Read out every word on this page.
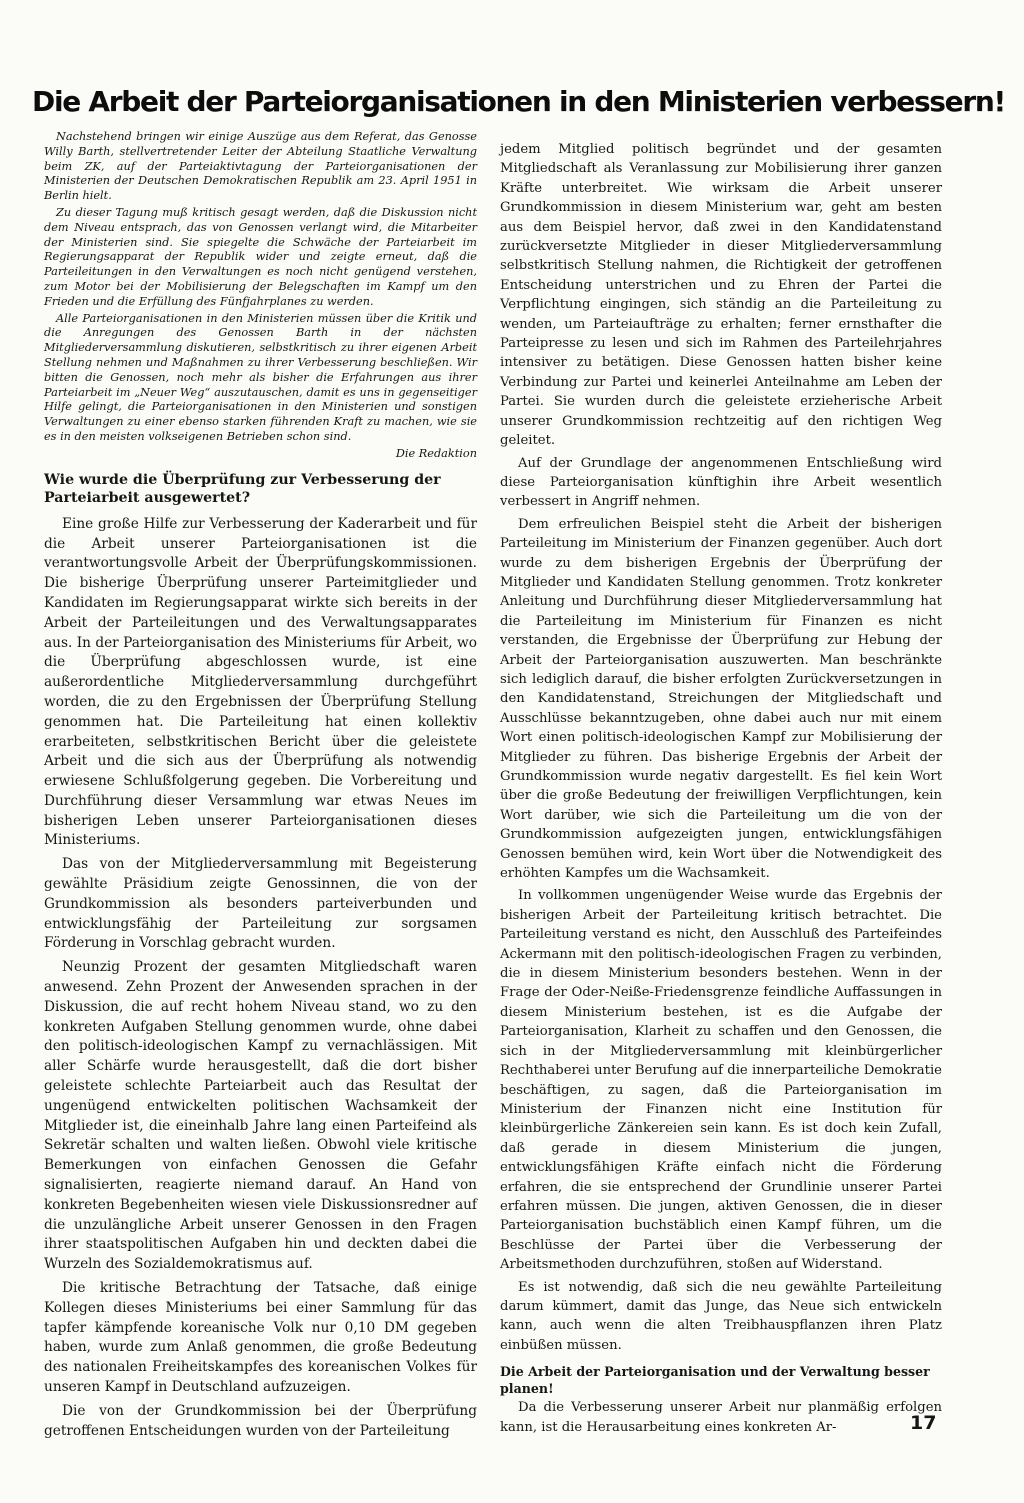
Die Arbeit der Parteiorganisationen in den Ministerien verbessern!

Nachstehend bringen wir einige Auszüge aus dem Referat, das Genosse Willy Barth, stellvertretender Leiter der Abteilung Staatliche Verwaltung beim ZK, auf der Parteiaktivtagung der Parteiorganisationen der Ministerien der Deutschen Demokratischen Republik am 23. April 1951 in Berlin hielt.

Zu dieser Tagung muß kritisch gesagt werden, daß die Diskussion nicht dem Niveau entsprach, das von Genossen verlangt wird, die Mitarbeiter der Ministerien sind. Sie spiegelte die Schwäche der Parteiarbeit im Regierungsapparat der Republik wider und zeigte erneut, daß die Parteileitungen in den Verwaltungen es noch nicht genügend verstehen, zum Motor bei der Mobilisierung der Belegschaften im Kampf um den Frieden und die Erfüllung des Fünfjahrplanes zu werden.

Alle Parteiorganisationen in den Ministerien müssen über die Kritik und die Anregungen des Genossen Barth in der nächsten Mitgliederversammlung diskutieren, selbstkritisch zu ihrer eigenen Arbeit Stellung nehmen und Maßnahmen zu ihrer Verbesserung beschließen. Wir bitten die Genossen, noch mehr als bisher die Erfahrungen aus ihrer Parteiarbeit im „Neuer Weg“ auszutauschen, damit es uns in gegenseitiger Hilfe gelingt, die Parteiorganisationen in den Ministerien und sonstigen Verwaltungen zu einer ebenso starken führenden Kraft zu machen, wie sie es in den meisten volkseigenen Betrieben schon sind.

Die Redaktion
Wie wurde die Überprüfung zur Verbesserung der Parteiarbeit ausgewertet?

Eine große Hilfe zur Verbesserung der Kaderarbeit und für die Arbeit unserer Parteiorganisationen ist die verantwortungsvolle Arbeit der Überprüfungskommissionen. Die bisherige Überprüfung unserer Parteimitglieder und Kandidaten im Regierungsapparat wirkte sich bereits in der Arbeit der Parteileitungen und des Verwaltungsapparates aus. In der Parteiorganisation des Ministeriums für Arbeit, wo die Überprüfung abgeschlossen wurde, ist eine außerordentliche Mitgliederversammlung durchgeführt worden, die zu den Ergebnissen der Überprüfung Stellung genommen hat. Die Parteileitung hat einen kollektiv erarbeiteten, selbstkritischen Bericht über die geleistete Arbeit und die sich aus der Überprüfung als notwendig erwiesene Schlußfolgerung gegeben. Die Vorbereitung und Durchführung dieser Versammlung war etwas Neues im bisherigen Leben unserer Parteiorganisationen dieses Ministeriums.

Das von der Mitgliederversammlung mit Begeisterung gewählte Präsidium zeigte Genossinnen, die von der Grundkommission als besonders parteiverbunden und entwicklungsfähig der Parteileitung zur sorgsamen Förderung in Vorschlag gebracht wurden.

Neunzig Prozent der gesamten Mitgliedschaft waren anwesend. Zehn Prozent der Anwesenden sprachen in der Diskussion, die auf recht hohem Niveau stand, wo zu den konkreten Aufgaben Stellung genommen wurde, ohne dabei den politisch-ideologischen Kampf zu vernachlässigen. Mit aller Schärfe wurde herausgestellt, daß die dort bisher geleistete schlechte Parteiarbeit auch das Resultat der ungenügend entwickelten politischen Wachsamkeit der Mitglieder ist, die eineinhalb Jahre lang einen Parteifeind als Sekretär schalten und walten ließen. Obwohl viele kritische Bemerkungen von einfachen Genossen die Gefahr signalisierten, reagierte niemand darauf. An Hand von konkreten Begebenheiten wiesen viele Diskussionsredner auf die unzulängliche Arbeit unserer Genossen in den Fragen ihrer staatspolitischen Aufgaben hin und deckten dabei die Wurzeln des Sozialdemokratismus auf.

Die kritische Betrachtung der Tatsache, daß einige Kollegen dieses Ministeriums bei einer Sammlung für das tapfer kämpfende koreanische Volk nur 0,10 DM gegeben haben, wurde zum Anlaß genommen, die große Bedeutung des nationalen Freiheitskampfes des koreanischen Volkes für unseren Kampf in Deutschland aufzuzeigen.

Die von der Grundkommission bei der Überprüfung getroffenen Entscheidungen wurden von der Parteileitung

jedem Mitglied politisch begründet und der gesamten Mitgliedschaft als Veranlassung zur Mobilisierung ihrer ganzen Kräfte unterbreitet. Wie wirksam die Arbeit unserer Grundkommission in diesem Ministerium war, geht am besten aus dem Beispiel hervor, daß zwei in den Kandidatenstand zurückversetzte Mitglieder in dieser Mitgliederversammlung selbstkritisch Stellung nahmen, die Richtigkeit der getroffenen Entscheidung unterstrichen und zu Ehren der Partei die Verpflichtung eingingen, sich ständig an die Parteileitung zu wenden, um Parteiaufträge zu erhalten; ferner ernsthafter die Parteipresse zu lesen und sich im Rahmen des Parteilehrjahres intensiver zu betätigen. Diese Genossen hatten bisher keine Verbindung zur Partei und keinerlei Anteilnahme am Leben der Partei. Sie wurden durch die geleistete erzieherische Arbeit unserer Grundkommission rechtzeitig auf den richtigen Weg geleitet.

Auf der Grundlage der angenommenen Entschließung wird diese Parteiorganisation künftighin ihre Arbeit wesentlich verbessert in Angriff nehmen.

Dem erfreulichen Beispiel steht die Arbeit der bisherigen Parteileitung im Ministerium der Finanzen gegenüber. Auch dort wurde zu dem bisherigen Ergebnis der Überprüfung der Mitglieder und Kandidaten Stellung genommen. Trotz konkreter Anleitung und Durchführung dieser Mitgliederversammlung hat die Parteileitung im Ministerium für Finanzen es nicht verstanden, die Ergebnisse der Überprüfung zur Hebung der Arbeit der Parteiorganisation auszuwerten. Man beschränkte sich lediglich darauf, die bisher erfolgten Zurückversetzungen in den Kandidatenstand, Streichungen der Mitgliedschaft und Ausschlüsse bekanntzugeben, ohne dabei auch nur mit einem Wort einen politisch-ideologischen Kampf zur Mobilisierung der Mitglieder zu führen. Das bisherige Ergebnis der Arbeit der Grundkommission wurde negativ dargestellt. Es fiel kein Wort über die große Bedeutung der freiwilligen Verpflichtungen, kein Wort darüber, wie sich die Parteileitung um die von der Grundkommission aufgezeigten jungen, entwicklungsfähigen Genossen bemühen wird, kein Wort über die Notwendigkeit des erhöhten Kampfes um die Wachsamkeit.

In vollkommen ungenügender Weise wurde das Ergebnis der bisherigen Arbeit der Parteileitung kritisch betrachtet. Die Parteileitung verstand es nicht, den Ausschluß des Parteifeindes Ackermann mit den politisch-ideologischen Fragen zu verbinden, die in diesem Ministerium besonders bestehen. Wenn in der Frage der Oder-Neiße-Friedensgrenze feindliche Auffassungen in diesem Ministerium bestehen, ist es die Aufgabe der Parteiorganisation, Klarheit zu schaffen und den Genossen, die sich in der Mitgliederversammlung mit kleinbürgerlicher Rechthaberei unter Berufung auf die innerparteiliche Demokratie beschäftigen, zu sagen, daß die Parteiorganisation im Ministerium der Finanzen nicht eine Institution für kleinbürgerliche Zänkereien sein kann. Es ist doch kein Zufall, daß gerade in diesem Ministerium die jungen, entwicklungsfähigen Kräfte einfach nicht die Förderung erfahren, die sie entsprechend der Grundlinie unserer Partei erfahren müssen. Die jungen, aktiven Genossen, die in dieser Parteiorganisation buchstäblich einen Kampf führen, um die Beschlüsse der Partei über die Verbesserung der Arbeitsmethoden durchzuführen, stoßen auf Widerstand.

Es ist notwendig, daß sich die neu gewählte Parteileitung darum kümmert, damit das Junge, das Neue sich entwickeln kann, auch wenn die alten Treibhauspflanzen ihren Platz einbüßen müssen.

Die Arbeit der Parteiorganisation und der Verwaltung besser planen!

Da die Verbesserung unserer Arbeit nur planmäßig erfolgen kann, ist die Herausarbeitung eines konkreten Ar-	17
